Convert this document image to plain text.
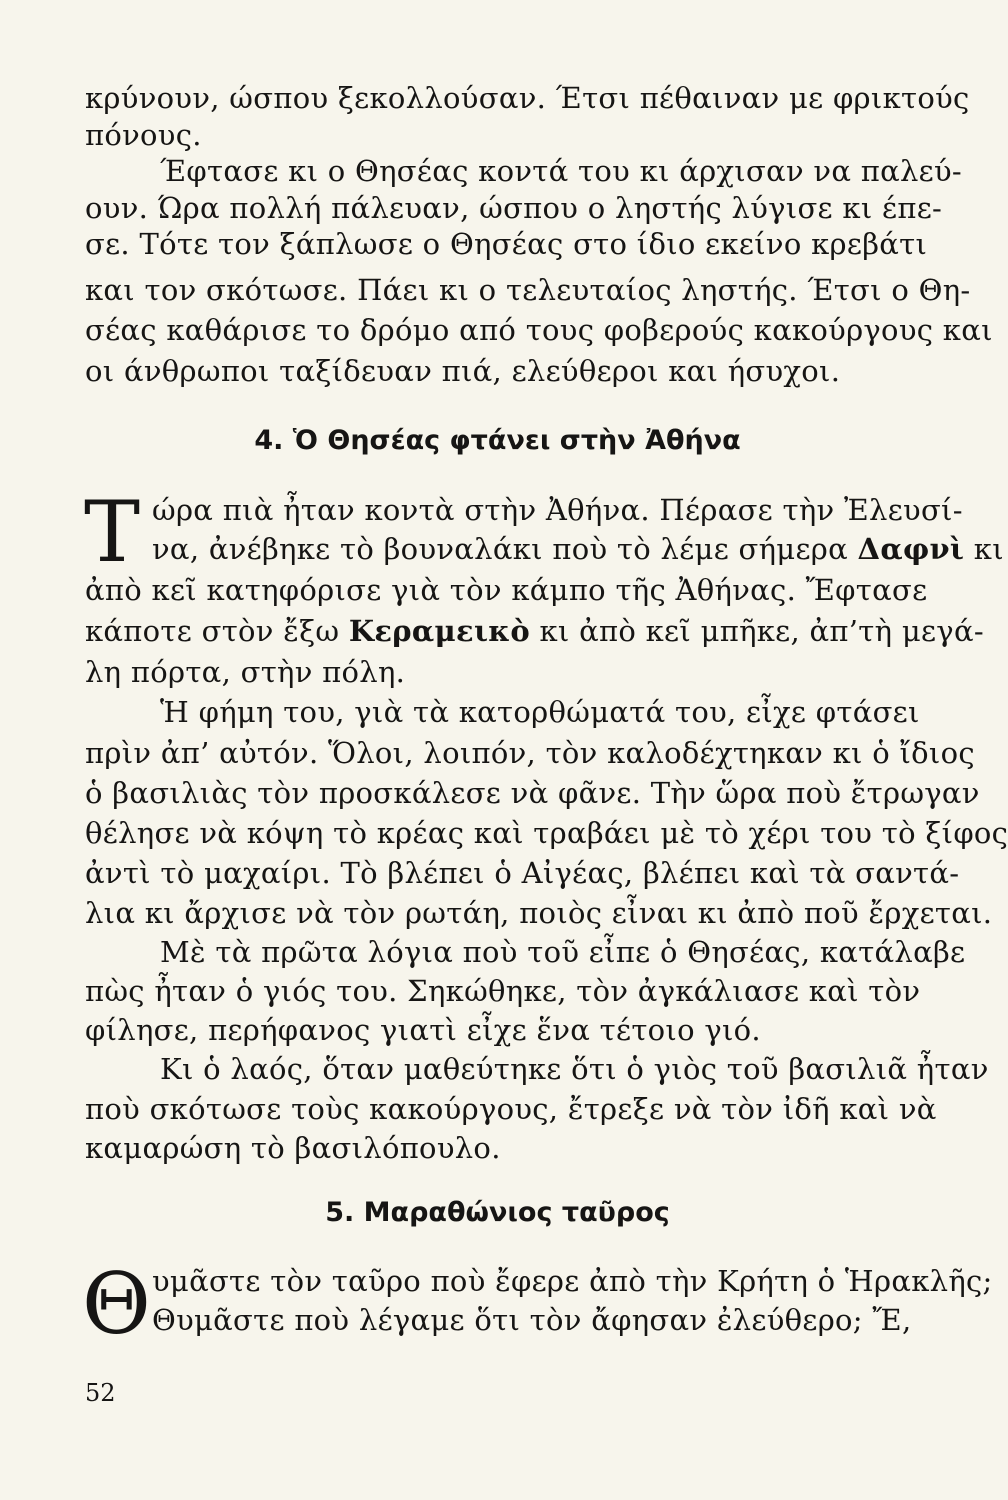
κρύνουν, ώσπου ξεκολλούσαν. Έτσι πέθαιναν με φρικτούς
πόνους.
Έφτασε κι ο Θησέας κοντά του κι άρχισαν να παλεύ-
ουν. Ώρα πολλή πάλευαν, ώσπου ο ληστής λύγισε κι έπε-
σε. Τότε τον ξάπλωσε ο Θησέας στο ίδιο εκείνο κρεβάτι
και τον σκότωσε. Πάει κι ο τελευταίος ληστής. Έτσι ο Θη-
σέας καθάρισε το δρόμο από τους φοβερούς κακούργους και
οι άνθρωποι ταξίδευαν πιά, ελεύθεροι και ήσυχοι.
4. Ὁ Θησέας φτάνει στὴν Ἀθήνα
Τ ώρα πιὰ ἦταν κοντὰ στὴν Ἀθήνα. Πέρασε τὴν Ἐλευσί-
να, ἀνέβηκε τὸ βουναλάκι ποὺ τὸ λέμε σήμερα Δαφνὶ κι
ἀπὸ κεῖ κατηφόρισε γιὰ τὸν κάμπο τῆς Ἀθήνας. Ἔφτασε
κάποτε στὸν ἔξω Κεραμεικὸ κι ἀπὸ κεῖ μπῆκε, ἀπ’τὴ μεγά-
λη πόρτα, στὴν πόλη.
Ἡ φήμη του, γιὰ τὰ κατορθώματά του, εἶχε φτάσει
πρὶν ἀπ’ αὐτόν. Ὅλοι, λοιπόν, τὸν καλοδέχτηκαν κι ὁ ἴδιος
ὁ βασιλιὰς τὸν προσκάλεσε νὰ φᾶνε. Τὴν ὥρα ποὺ ἔτρωγαν
θέλησε νὰ κόψη τὸ κρέας καὶ τραβάει μὲ τὸ χέρι του τὸ ξίφος
ἀντὶ τὸ μαχαίρι. Τὸ βλέπει ὁ Αἰγέας, βλέπει καὶ τὰ σαντά-
λια κι ἄρχισε νὰ τὸν ρωτάη, ποιὸς εἶναι κι ἀπὸ ποῦ ἔρχεται.
Μὲ τὰ πρῶτα λόγια ποὺ τοῦ εἶπε ὁ Θησέας, κατάλαβε
πὼς ἦταν ὁ γιός του. Σηκώθηκε, τὸν ἀγκάλιασε καὶ τὸν
φίλησε, περήφανος γιατὶ εἶχε ἕνα τέτοιο γιό.
Κι ὁ λαός, ὅταν μαθεύτηκε ὅτι ὁ γιὸς τοῦ βασιλιᾶ ἦταν
ποὺ σκότωσε τοὺς κακούργους, ἔτρεξε νὰ τὸν ἰδῆ καὶ νὰ
καμαρώση τὸ βασιλόπουλο.
5. Μαραθώνιος ταῦρος
Θ υμᾶστε τὸν ταῦρο ποὺ ἔφερε ἀπὸ τὴν Κρήτη ὁ Ἡρακλῆς;
Θυμᾶστε ποὺ λέγαμε ὅτι τὸν ἄφησαν ἐλεύθερο; Ἔ,
52
